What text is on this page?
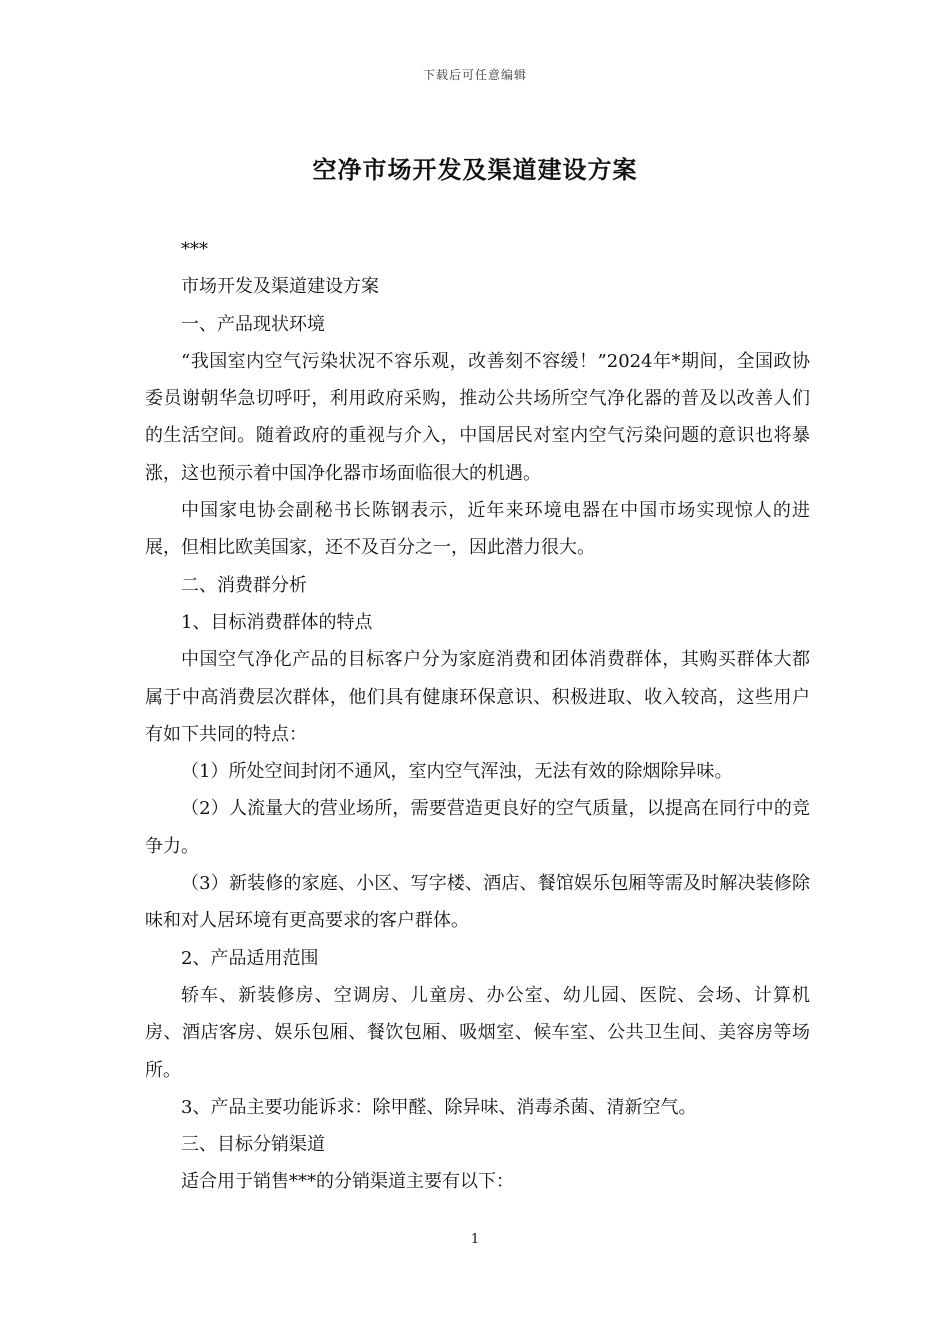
下载后可任意编辑
空净市场开发及渠道建设方案

***

市场开发及渠道建设方案

一、产品现状环境

“我国室内空气污染状况不容乐观，改善刻不容缓！”2024年*期间，全国政协委员谢朝华急切呼吁，利用政府采购，推动公共场所空气净化器的普及以改善人们的生活空间。随着政府的重视与介入，中国居民对室内空气污染问题的意识也将暴涨，这也预示着中国净化器市场面临很大的机遇。

中国家电协会副秘书长陈钢表示，近年来环境电器在中国市场实现惊人的进展，但相比欧美国家，还不及百分之一，因此潜力很大。

二、消费群分析

1、目标消费群体的特点

中国空气净化产品的目标客户分为家庭消费和团体消费群体，其购买群体大都属于中高消费层次群体，他们具有健康环保意识、积极进取、收入较高，这些用户有如下共同的特点：

（1）所处空间封闭不通风，室内空气浑浊，无法有效的除烟除异味。

（2）人流量大的营业场所，需要营造更良好的空气质量，以提高在同行中的竞争力。

（3）新装修的家庭、小区、写字楼、酒店、餐馆娱乐包厢等需及时解决装修除味和对人居环境有更高要求的客户群体。

2、产品适用范围

轿车、新装修房、空调房、儿童房、办公室、幼儿园、医院、会场、计算机房、酒店客房、娱乐包厢、餐饮包厢、吸烟室、候车室、公共卫生间、美容房等场所。

3、产品主要功能诉求：除甲醛、除异味、消毒杀菌、清新空气。

三、目标分销渠道

适合用于销售***的分销渠道主要有以下：

1
